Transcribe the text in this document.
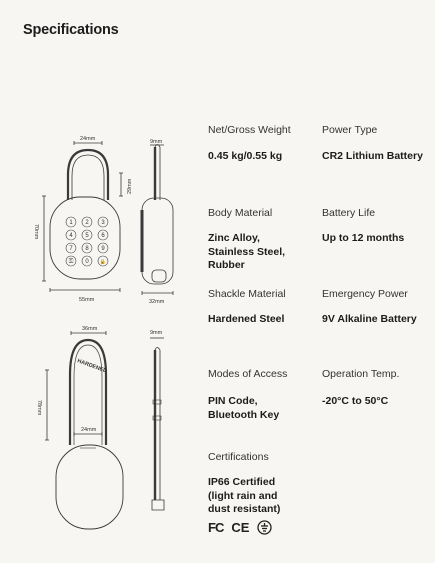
Specifications
1 2 3
4 5 6
7 8 9
⚿ 0 🔒
24mm
29mm
70mm
55mm
9mm
32mm
36mm
9mm
78mm
24mm
HARDENED
Net/Gross Weight
0.45 kg/0.55 kg
Power Type
CR2 Lithium Battery
Body Material
Zinc Alloy,
Stainless Steel,
Rubber
Battery Life
Up to 12 months
Shackle Material
Hardened Steel
Emergency Power
9V Alkaline Battery
Modes of Access
PIN Code,
Bluetooth Key
Operation Temp.
-20°C to 50°C
Certifications
IP66 Certified
(light rain and
dust resistant)
FC CE
